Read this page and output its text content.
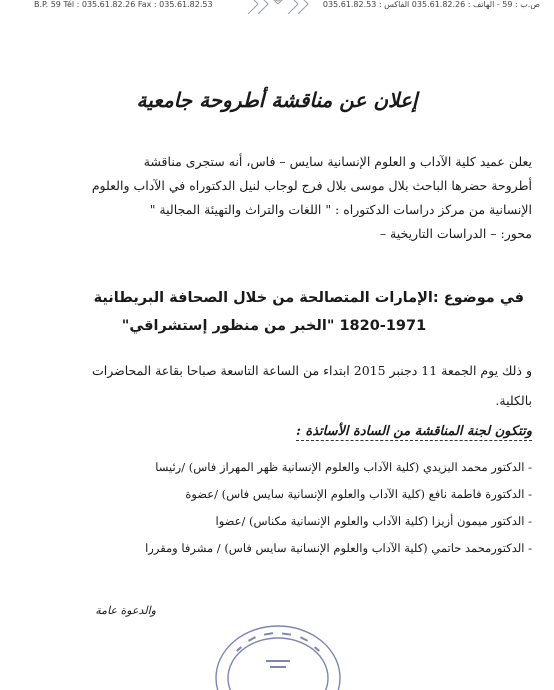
B.P. 59 Tél : 035.61.82.26 Fax : 035.61.82.53	ص.ب : 59 - الهاتف : 035.61.82.26 الفاكس : 035.61.82.53
إعلان عن مناقشة أطروحة جامعية
يعلن عميد كلية الآداب و العلوم الإنسانية سايس – فاس، أنه ستجرى مناقشة
أطروحة حضرها الباحث بلال موسى بلال فرج لوجاب لنيل الدكتوراه في الآداب والعلوم
الإنسانية من مركز دراسات الدكتوراه : " اللغات والتراث والتهيئة المجالية "
محور: – الدراسات التاريخية –
في موضوع :الإمارات المتصالحة من خلال الصحافة البريطانية
1820-1971 "الخبر من منظور إستشراقي"
و ذلك يوم الجمعة 11 دجنبر 2015 ابتداء من الساعة التاسعة صباحا بقاعة المحاضرات
بالكلية.
وتتكون لجنة المناقشة من السادة الأساتذة :
- الدكتور محمد اليزيدي (كلية الآداب والعلوم الإنسانية ظهر المهراز فاس) /رئيسا
- الدكتورة فاطمة نافع (كلية الآداب والعلوم الإنسانية سايس فاس) /عضوة
- الدكتور ميمون أزيزا (كلية الآداب والعلوم الإنسانية مكناس) /عضوا
- الدكتورمحمد حاتمي (كلية الآداب والعلوم الإنسانية سايس فاس) / مشرفا ومقررا
والدعوة عامة
